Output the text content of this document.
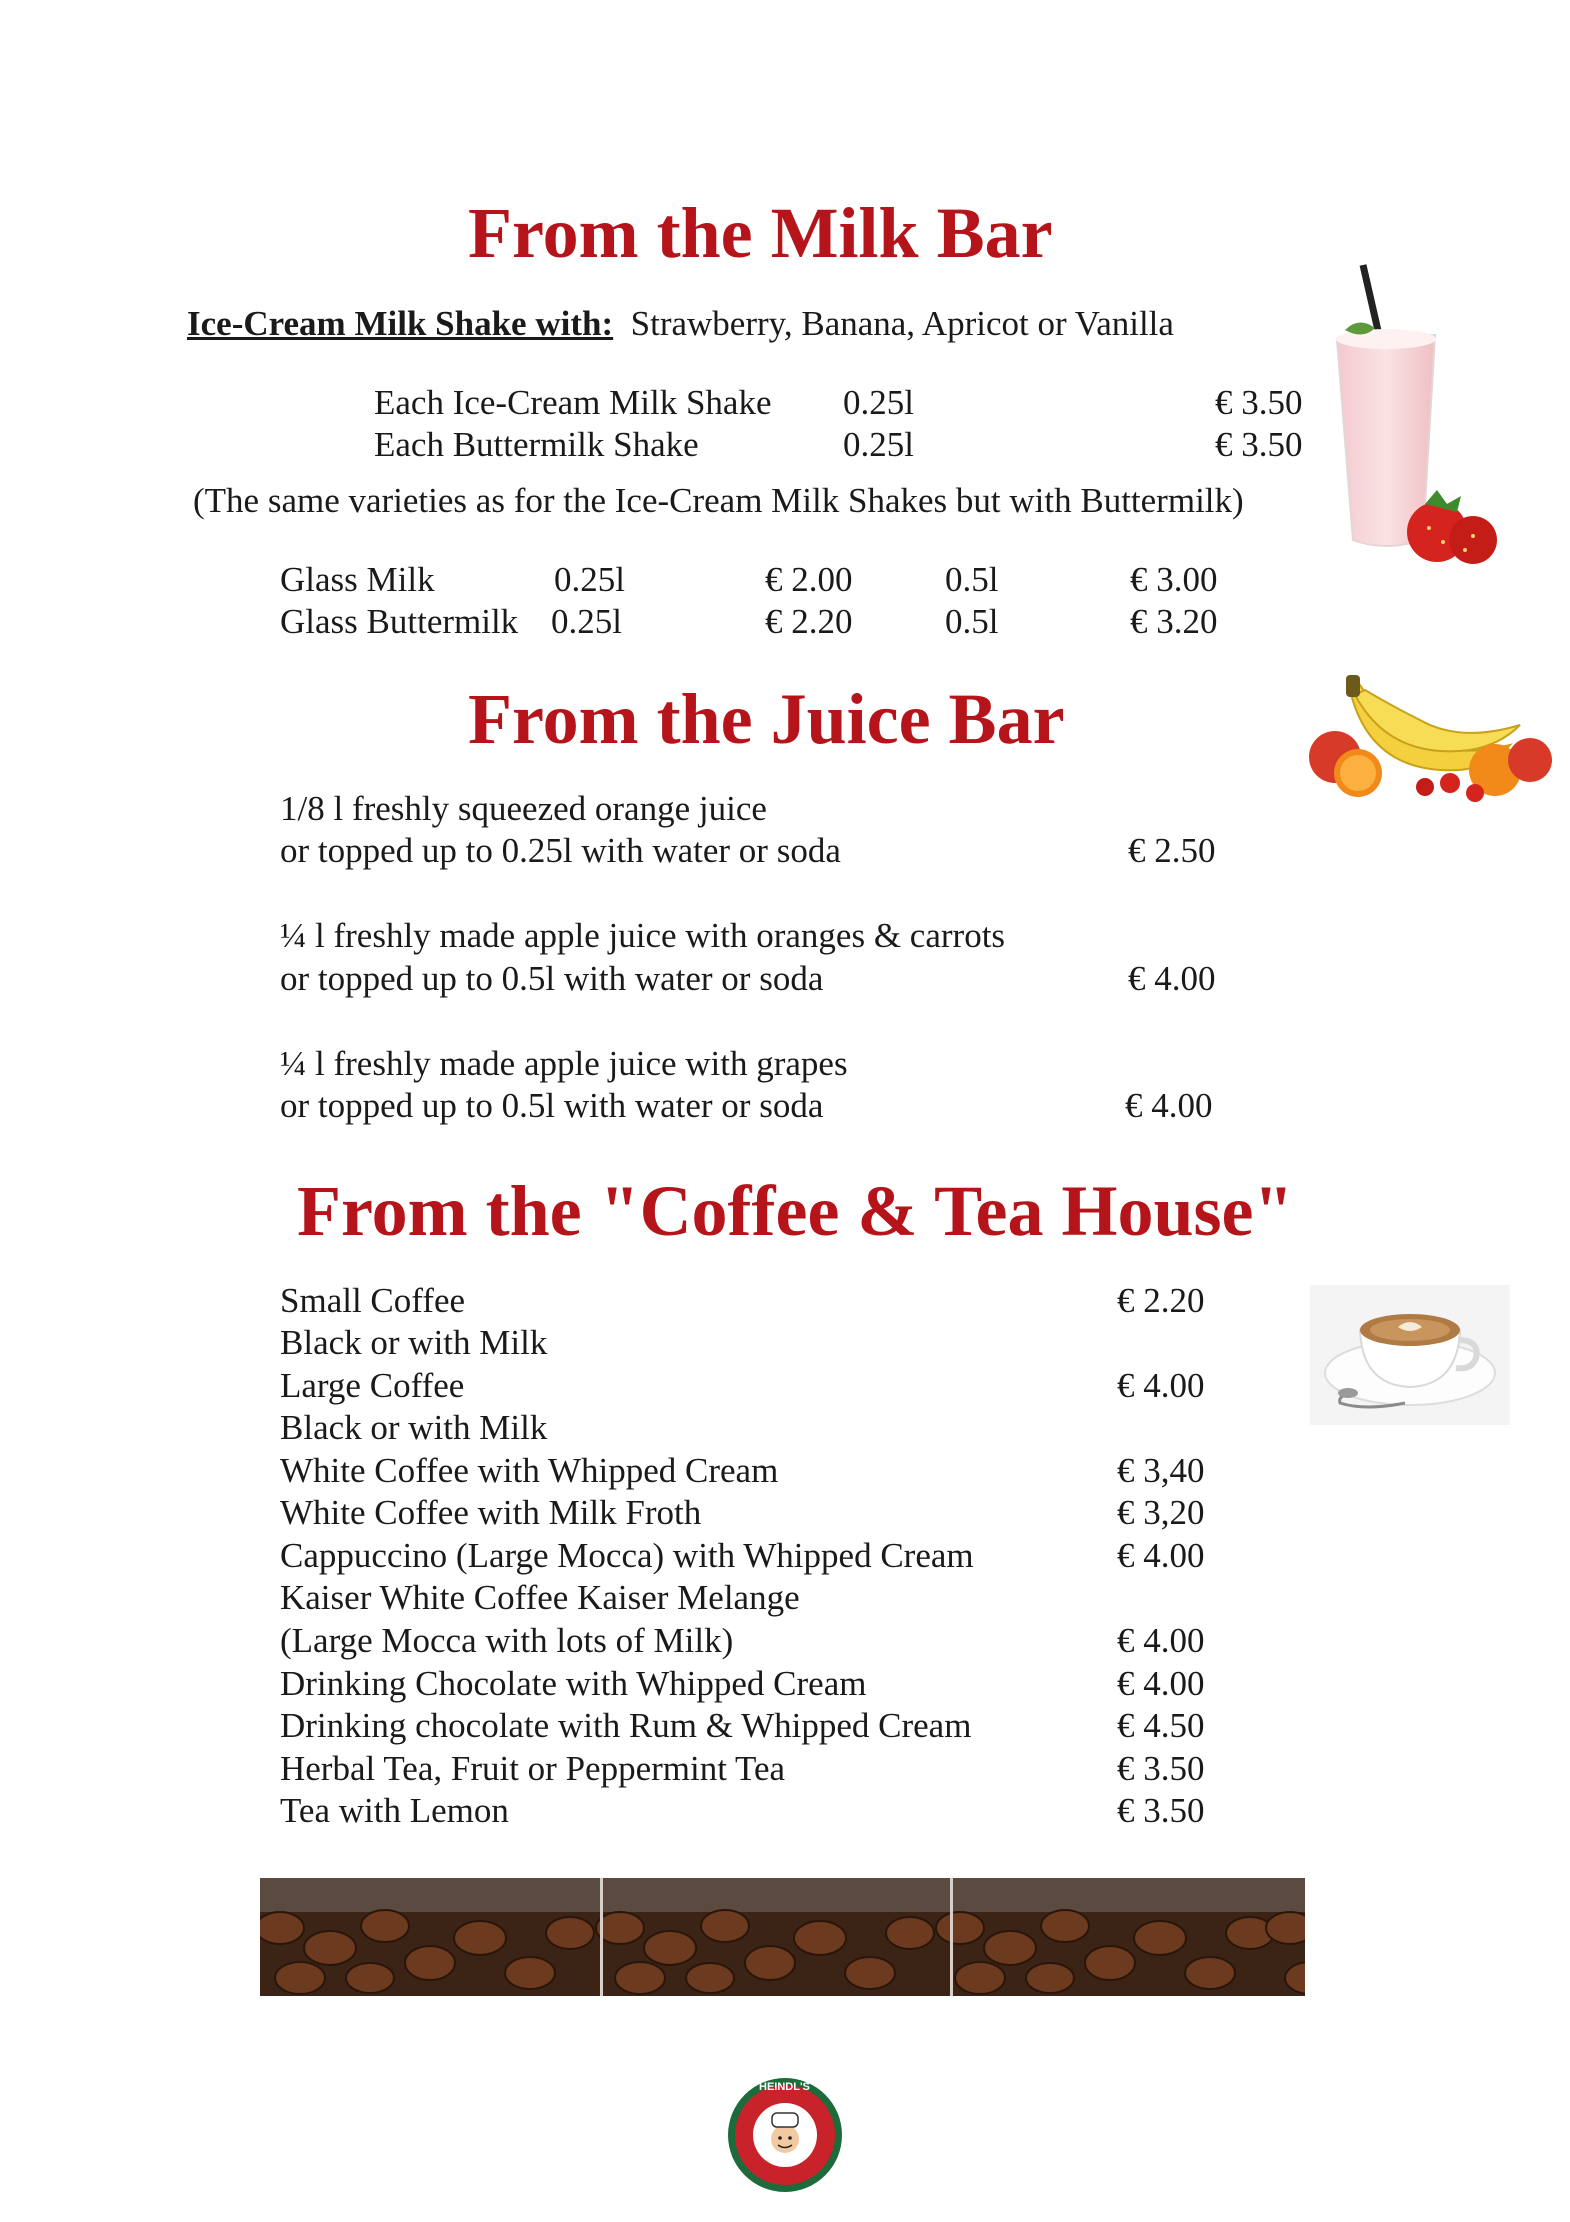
From the Milk Bar
Ice-Cream Milk Shake with: Strawberry, Banana, Apricot or Vanilla
Each Ice-Cream Milk Shake 0.25l	€ 3.50
Each Buttermilk Shake	0.25l	€ 3.50
(The same varieties as for the Ice-Cream Milk Shakes but with Buttermilk)
Glass Milk	0.25l	€ 2.00	0.5l	€ 3.00
Glass Buttermilk 0.25l	€ 2.20	0.5l	€ 3.20
From the Juice Bar
1/8 l freshly squeezed orange juice
or topped up to 0.25l with water or soda	€ 2.50
¼ l freshly made apple juice with oranges & carrots
or topped up to 0.5l with water or soda	€ 4.00
¼ l freshly made apple juice with grapes
or topped up to 0.5l with water or soda	€ 4.00
From the "Coffee & Tea House"
Small Coffee	€ 2.20
Black or with Milk
Large Coffee	€ 4.00
Black or with Milk
White Coffee with Whipped Cream	€ 3,40
White Coffee with Milk Froth	€ 3,20
Cappuccino (Large Mocca) with Whipped Cream	€ 4.00
Kaiser White Coffee Kaiser Melange
(Large Mocca with lots of Milk)	€ 4.00
Drinking Chocolate with Whipped Cream	€ 4.00
Drinking chocolate with Rum & Whipped Cream	€ 4.50
Herbal Tea, Fruit or Peppermint Tea	€ 3.50
Tea with Lemon	€ 3.50
HEINDL'S
